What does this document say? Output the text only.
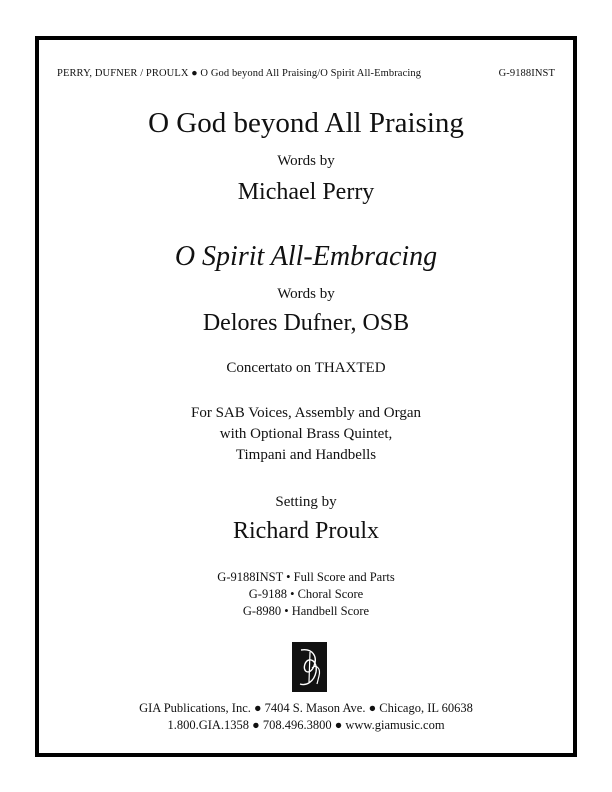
PERRY, DUFNER / PROULX ● O God beyond All Praising/O Spirit All-Embracing	G-9188INST
O God beyond All Praising
Words by
Michael Perry
O Spirit All-Embracing
Words by
Delores Dufner, OSB
Concertato on THAXTED
For SAB Voices, Assembly and Organ
with Optional Brass Quintet,
Timpani and Handbells
Setting by
Richard Proulx
G-9188INST • Full Score and Parts
G-9188 • Choral Score
G-8980 • Handbell Score
GIA Publications, Inc. ● 7404 S. Mason Ave. ● Chicago, IL 60638
1.800.GIA.1358 ● 708.496.3800 ● www.giamusic.com
